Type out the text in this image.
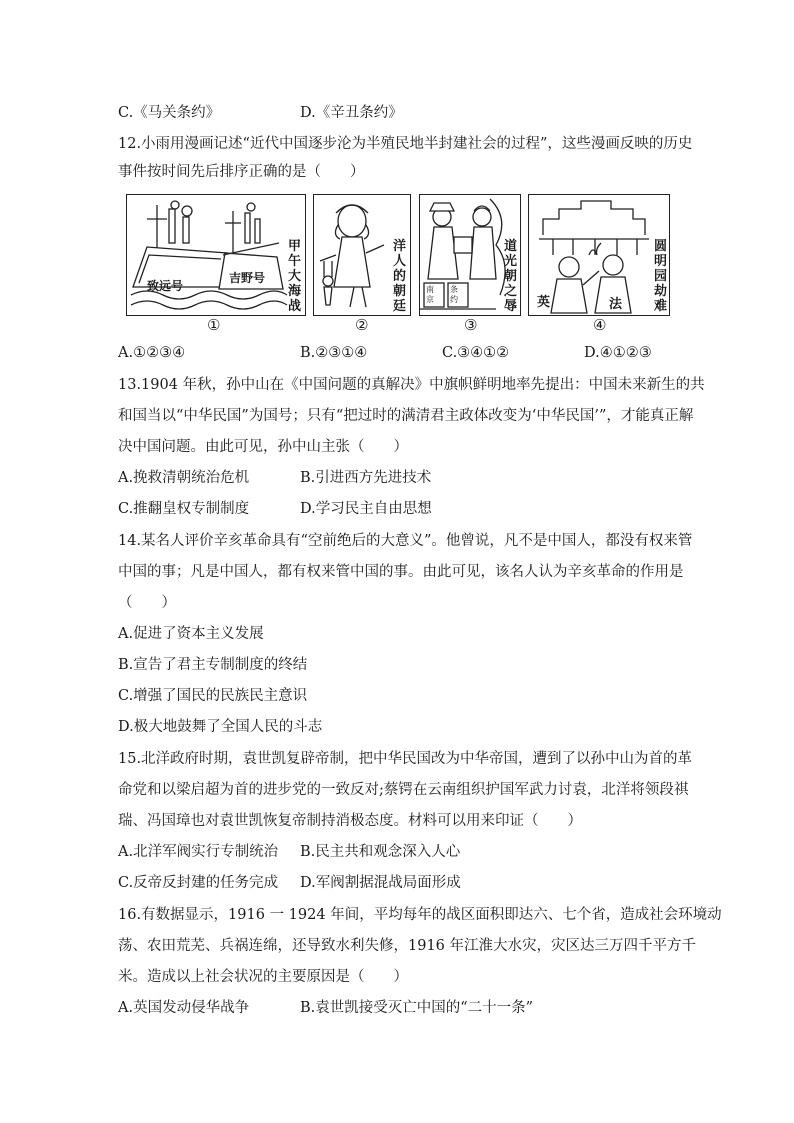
C.《马关条约》	D.《辛丑条约》
12.小雨用漫画记述“近代中国逐步沦为半殖民地半封建社会的过程”，这些漫画反映的历史
事件按时间先后排序正确的是（　　）
致远号
吉野号
甲午大海战
洋人的朝廷
南京
条约
道光朝之辱 英	法
圆明园劫难
①	②	③	④
A.①②③④	B.②③①④	C.③④①②	D.④①②③
13.1904 年秋，孙中山在《中国问题的真解决》中旗帜鲜明地率先提出：中国未来新生的共
和国当以“中华民国”为国号；只有“把过时的满清君主政体改变为‘中华民国’”，才能真正解
决中国问题。由此可见，孙中山主张（　　）
A.挽救清朝统治危机	B.引进西方先进技术
C.推翻皇权专制制度	D.学习民主自由思想
14.某名人评价辛亥革命具有“空前绝后的大意义”。他曾说，凡不是中国人，都没有权来管
中国的事；凡是中国人，都有权来管中国的事。由此可见，该名人认为辛亥革命的作用是
（　　）
A.促进了资本主义发展
B.宣告了君主专制制度的终结
C.增强了国民的民族民主意识
D.极大地鼓舞了全国人民的斗志
15.北洋政府时期，袁世凯复辟帝制，把中华民国改为中华帝国，遭到了以孙中山为首的革
命党和以梁启超为首的进步党的一致反对;蔡锷在云南组织护国军武力讨袁，北洋将领段祺
瑞、冯国璋也对袁世凯恢复帝制持消极态度。材料可以用来印证（　　）
A.北洋军阀实行专制统治 B.民主共和观念深入人心
C.反帝反封建的任务完成 D.军阀割据混战局面形成
16.有数据显示，1916 一 1924 年间，平均每年的战区面积即达六、七个省，造成社会环境动
荡、农田荒芜、兵祸连绵，还导致水利失修，1916 年江淮大水灾，灾区达三万四千平方千
米。造成以上社会状况的主要原因是（　　）
A.英国发动侵华战争	B.袁世凯接受灭亡中国的“二十一条”
